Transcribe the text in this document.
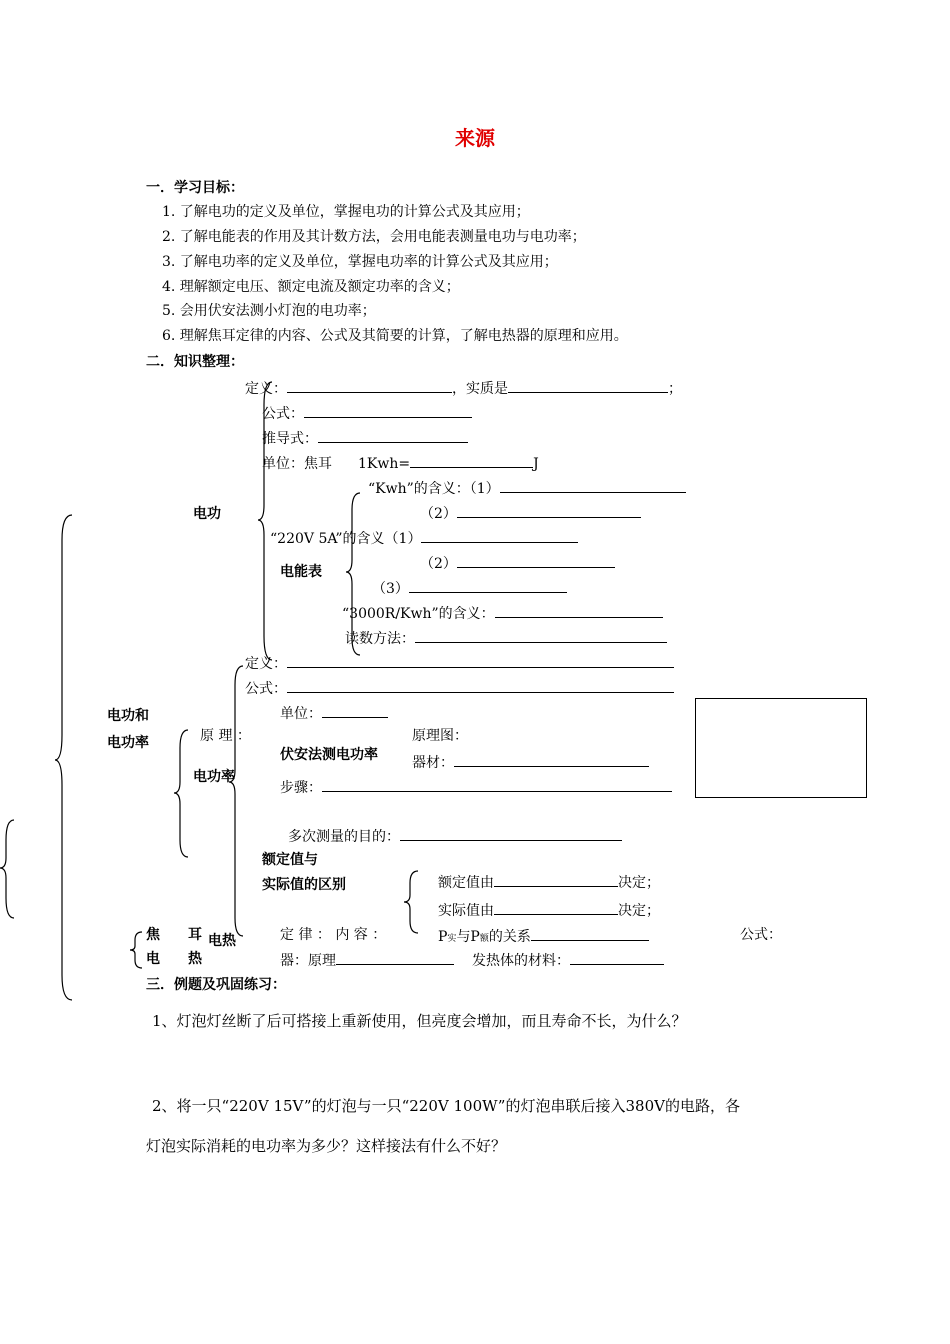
来源
一．学习目标：
1. 了解电功的定义及单位，掌握电功的计算公式及其应用；
2. 了解电能表的作用及其计数方法，会用电能表测量电功与电功率；
3. 了解电功率的定义及单位，掌握电功率的计算公式及其应用；
4. 理解额定电压、额定电流及额定功率的含义；
5. 会用伏安法测小灯泡的电功率；
6. 理解焦耳定律的内容、公式及其简要的计算，了解电热器的原理和应用。
二．知识整理：
定义：	，实质是	；
公式：
推导式：
单位：焦耳 1Kwh=	J
电功
“Kwh”的含义：（1）
（2）
“220V 5A”的含义（1）
（2）
电能表
（3）
“3000R/Kwh”的含义：
读数方法：
定义：
公式：
单位：
电功和
电功率	原 理 ：	原理图：
伏安法测电功率 器材：
电功率
步骤：
多次测量的目的：
额定值与
实际值的区别	额定值由	决定；
实际值由	决定；
焦　　耳
电　　热
电热	定 律 ： 内 容 ：	P实与P额的关系	公式：
器：原理	发热体的材料：
三．例题及巩固练习：
1、灯泡灯丝断了后可搭接上重新使用，但亮度会增加，而且寿命不长，为什么？
2、将一只“220V 15V”的灯泡与一只“220V 100W”的灯泡串联后接入380V的电路，各
灯泡实际消耗的电功率为多少？这样接法有什么不好？
